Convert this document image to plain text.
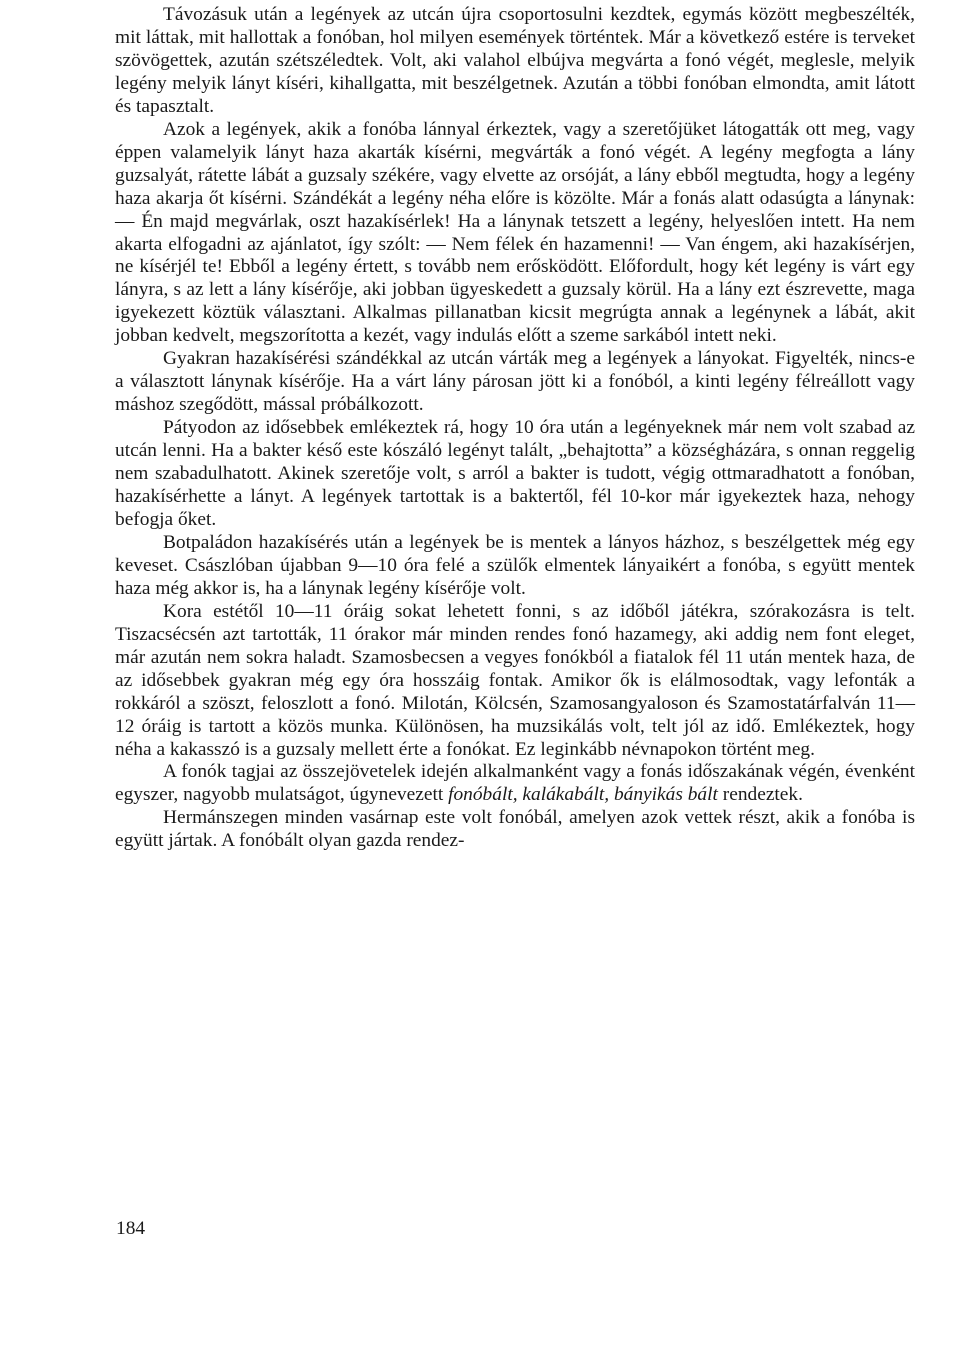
Távozásuk után a legények az utcán újra csoportosulni kezdtek, egymás között megbeszélték, mit láttak, mit hallottak a fonóban, hol milyen események történtek. Már a következő estére is terveket szövögettek, azután szétszéledtek. Volt, aki valahol elbújva megvárta a fonó végét, meglesle, melyik legény melyik lányt kíséri, kihallgatta, mit beszélgetnek. Azután a többi fonóban elmondta, amit látott és tapasztalt.

Azok a legények, akik a fonóba lánnyal érkeztek, vagy a szeretőjüket látogatták ott meg, vagy éppen valamelyik lányt haza akarták kísérni, megvárták a fonó végét. A legény megfogta a lány guzsalyát, rátette lábát a guzsaly székére, vagy elvette az orsóját, a lány ebből megtudta, hogy a legény haza akarja őt kísérni. Szándékát a legény néha előre is közölte. Már a fonás alatt odasúgta a lánynak: — Én majd megvárlak, oszt hazakísérlek! Ha a lánynak tetszett a legény, helyeslően intett. Ha nem akarta elfogadni az ajánlatot, így szólt: — Nem félek én hazamenni! — Van éngem, aki hazakísérjen, ne kísérjél te! Ebből a legény értett, s tovább nem erősködött. Előfordult, hogy két legény is várt egy lányra, s az lett a lány kísérője, aki jobban ügyeskedett a guzsaly körül. Ha a lány ezt észrevette, maga igyekezett köztük választani. Alkalmas pillanatban kicsit megrúgta annak a legénynek a lábát, akit jobban kedvelt, megszorította a kezét, vagy indulás előtt a szeme sarkából intett neki.

Gyakran hazakísérési szándékkal az utcán várták meg a legények a lányokat. Figyelték, nincs-e a választott lánynak kísérője. Ha a várt lány párosan jött ki a fonóból, a kinti legény félreállott vagy máshoz szegődött, mással próbálkozott.

Pátyodon az idősebbek emlékeztek rá, hogy 10 óra után a legényeknek már nem volt szabad az utcán lenni. Ha a bakter késő este kószáló legényt talált, „behajtotta” a községházára, s onnan reggelig nem szabadulhatott. Akinek szeretője volt, s arról a bakter is tudott, végig ottmaradhatott a fonóban, hazakísérhette a lányt. A legények tartottak is a baktertől, fél 10-kor már igyekeztek haza, nehogy befogja őket.

Botpaládon hazakísérés után a legények be is mentek a lányos házhoz, s beszélgettek még egy keveset. Császlóban újabban 9—10 óra felé a szülők elmentek lányaikért a fonóba, s együtt mentek haza még akkor is, ha a lánynak legény kísérője volt.

Kora estétől 10—11 óráig sokat lehetett fonni, s az időből játékra, szórakozásra is telt. Tiszacsécsén azt tartották, 11 órakor már minden rendes fonó hazamegy, aki addig nem font eleget, már azután nem sokra haladt. Szamosbecsen a vegyes fonókból a fiatalok fél 11 után mentek haza, de az idősebbek gyakran még egy óra hosszáig fontak. Amikor ők is elálmosodtak, vagy lefonták a rokkáról a szöszt, feloszlott a fonó. Milotán, Kölcsén, Szamosangyaloson és Szamostatárfalván 11—12 óráig is tartott a közös munka. Különösen, ha muzsikálás volt, telt jól az idő. Emlékeztek, hogy néha a kakasszó is a guzsaly mellett érte a fonókat. Ez leginkább névnapokon történt meg.

A fonók tagjai az összejövetelek idején alkalmanként vagy a fonás időszakának végén, évenként egyszer, nagyobb mulatságot, úgynevezett fonóbált, kalákabált, bányikás bált rendeztek.

Hermánszegen minden vasárnap este volt fonóbál, amelyen azok vettek részt, akik a fonóba is együtt jártak. A fonóbált olyan gazda rendez-

184
